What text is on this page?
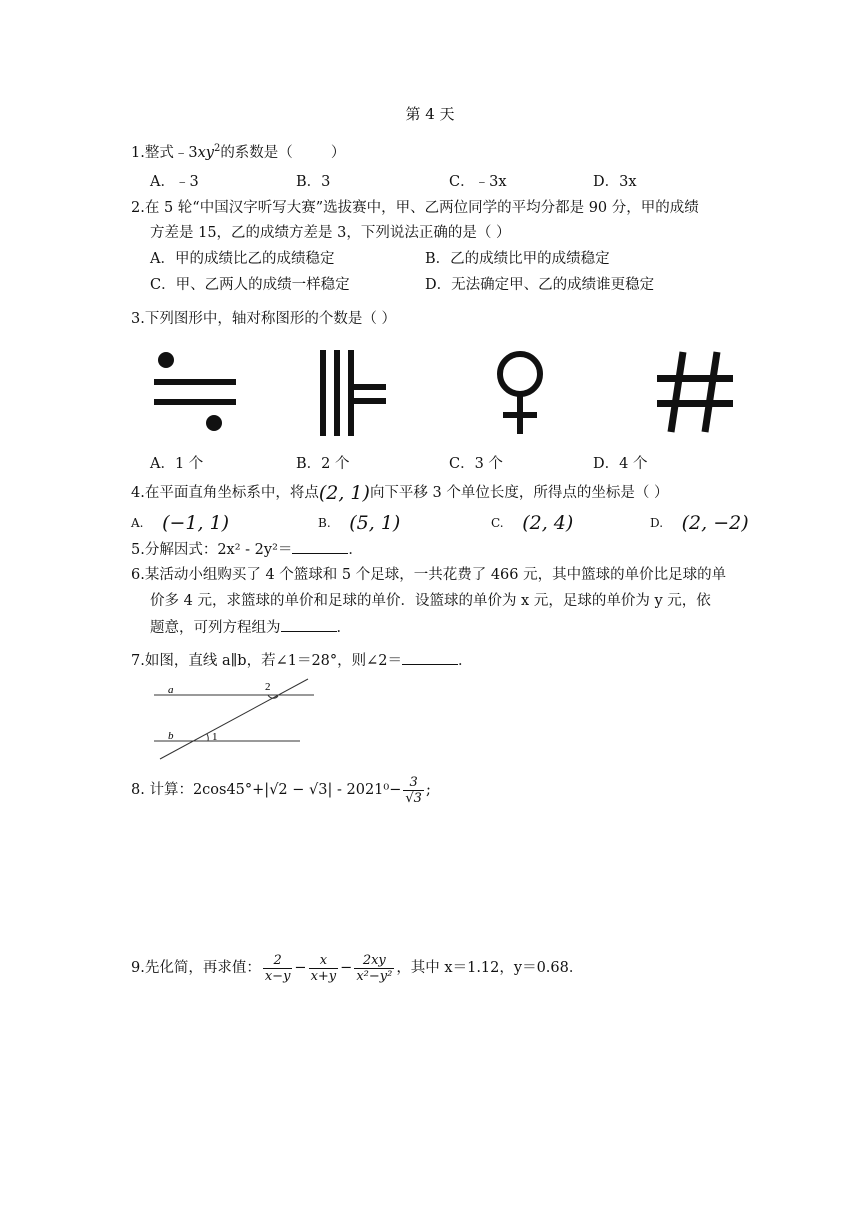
第 4 天
1.整式$﹣3xy^2$的系数是（	）
A．﹣3	B．3	C．﹣3x	D．3x
2.在 5 轮“中国汉字听写大赛”选拔赛中，甲、乙两位同学的平均分都是 90 分，甲的成绩
方差是 15，乙的成绩方差是 3，下列说法正确的是（ ）
A．甲的成绩比乙的成绩稳定	B．乙的成绩比甲的成绩稳定
C．甲、乙两人的成绩一样稳定	D．无法确定甲、乙的成绩谁更稳定
3.下列图形中，轴对称图形的个数是（ ）
A．1 个	B．2 个	C．3 个	D．4 个
4.在平面直角坐标系中，将点(2, 1)向下平移 3 个单位长度，所得点的坐标是（ ）
A. (−1, 1)	B. (5, 1)	C. (2, 4)	D. (2, −2)
5.分解因式：2x² - 2y²＝	．
6.某活动小组购买了 4 个篮球和 5 个足球，一共花费了 466 元，其中篮球的单价比足球的单
价多 4 元，求篮球的单价和足球的单价．设篮球的单价为 x 元，足球的单价为 y 元，依
题意，可列方程组为	．
7.如图，直线 a∥b，若∠1＝28°，则∠2＝	．
a
b	1
2
8. 计算：$2\cos 45^\circ+|√2 - √3| - 2021^0- \frac{3}{√3}$ ;
9.先化简，再求值： $\frac{2}{x-y} - \frac{x}{x+y} - \frac{2xy}{\text{x²−y²}}$ ，其中 x＝1.12，y＝0.68．
